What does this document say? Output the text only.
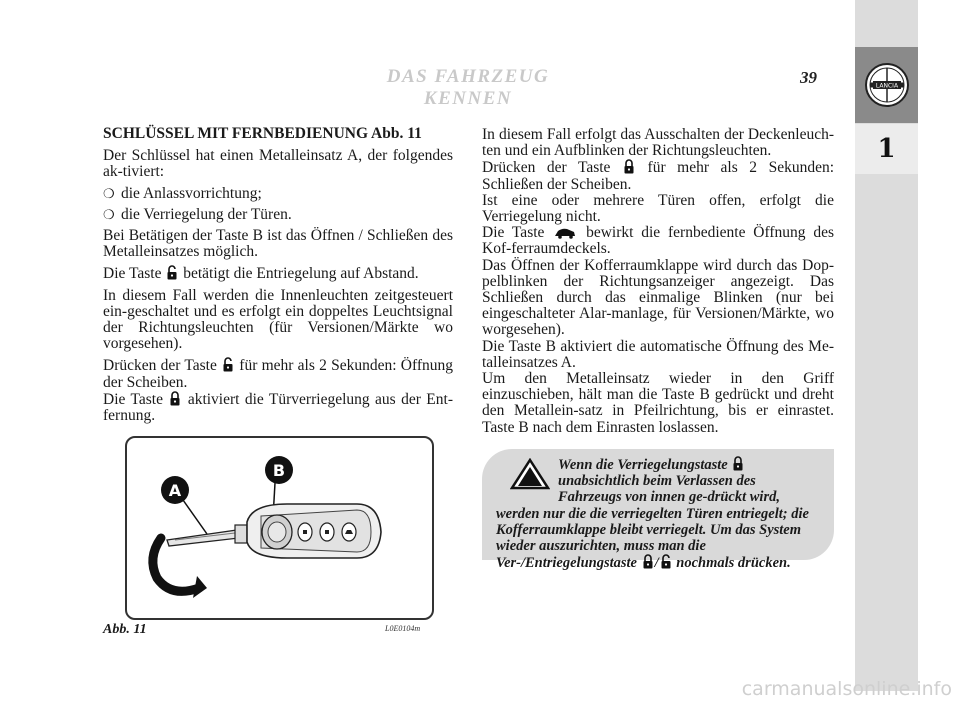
LANCIA
1
DAS FAHRZEUG KENNEN
39
SCHLÜSSEL MIT FERNBEDIENUNG Abb. 11

Der Schlüssel hat einen Metalleinsatz A, der folgendes ak-tiviert:

❍ die Anlassvorrichtung;
❍ die Verriegelung der Türen.

Bei Betätigen der Taste B ist das Öffnen / Schließen des Metalleinsatzes möglich.

Die Taste betätigt die Entriegelung auf Abstand.

In diesem Fall werden die Innenleuchten zeitgesteuert ein-geschaltet und es erfolgt ein doppeltes Leuchtsignal der Richtungsleuchten (für Versionen/Märkte wo vorgesehen).

Drücken der Taste für mehr als 2 Sekunden: Öffnung der Scheiben.

Die Taste aktiviert die Türverriegelung aus der Ent-fernung.

In diesem Fall erfolgt das Ausschalten der Deckenleuch-ten und ein Aufblinken der Richtungsleuchten.

Drücken der Taste für mehr als 2 Sekunden: Schließen der Scheiben.

Ist eine oder mehrere Türen offen, erfolgt die Verriegelung nicht.

Die Taste	bewirkt die fernbediente Öffnung des Kof-ferraumdeckels.

Das Öffnen der Kofferraumklappe wird durch das Dop-pelblinken der Richtungsanzeiger angezeigt. Das Schließen durch das einmalige Blinken (nur bei eingeschalteter Alar-manlage, für Versionen/Märkte, wo worgesehen).

Die Taste B aktiviert die automatische Öffnung des Me-talleinsatzes A.

Um den Metalleinsatz wieder in den Griff einzuschieben, hält man die Taste B gedrückt und dreht den Metallein-satz in Pfeilrichtung, bis er einrastet. Taste B nach dem Einrasten loslassen.

Wenn die Verriegelungstaste  unabsichtlich beim Verlassen des Fahrzeugs von innen ge-drückt wird, werden nur die die verriegelten Türen entriegelt; die Kofferraumklappe bleibt verriegelt. Um das System wieder auszurichten, muss man die Ver-/Entriegelungstaste / nochmals drücken.
A
B
Abb. 11	L0E0104m
carmanualsonline.info
